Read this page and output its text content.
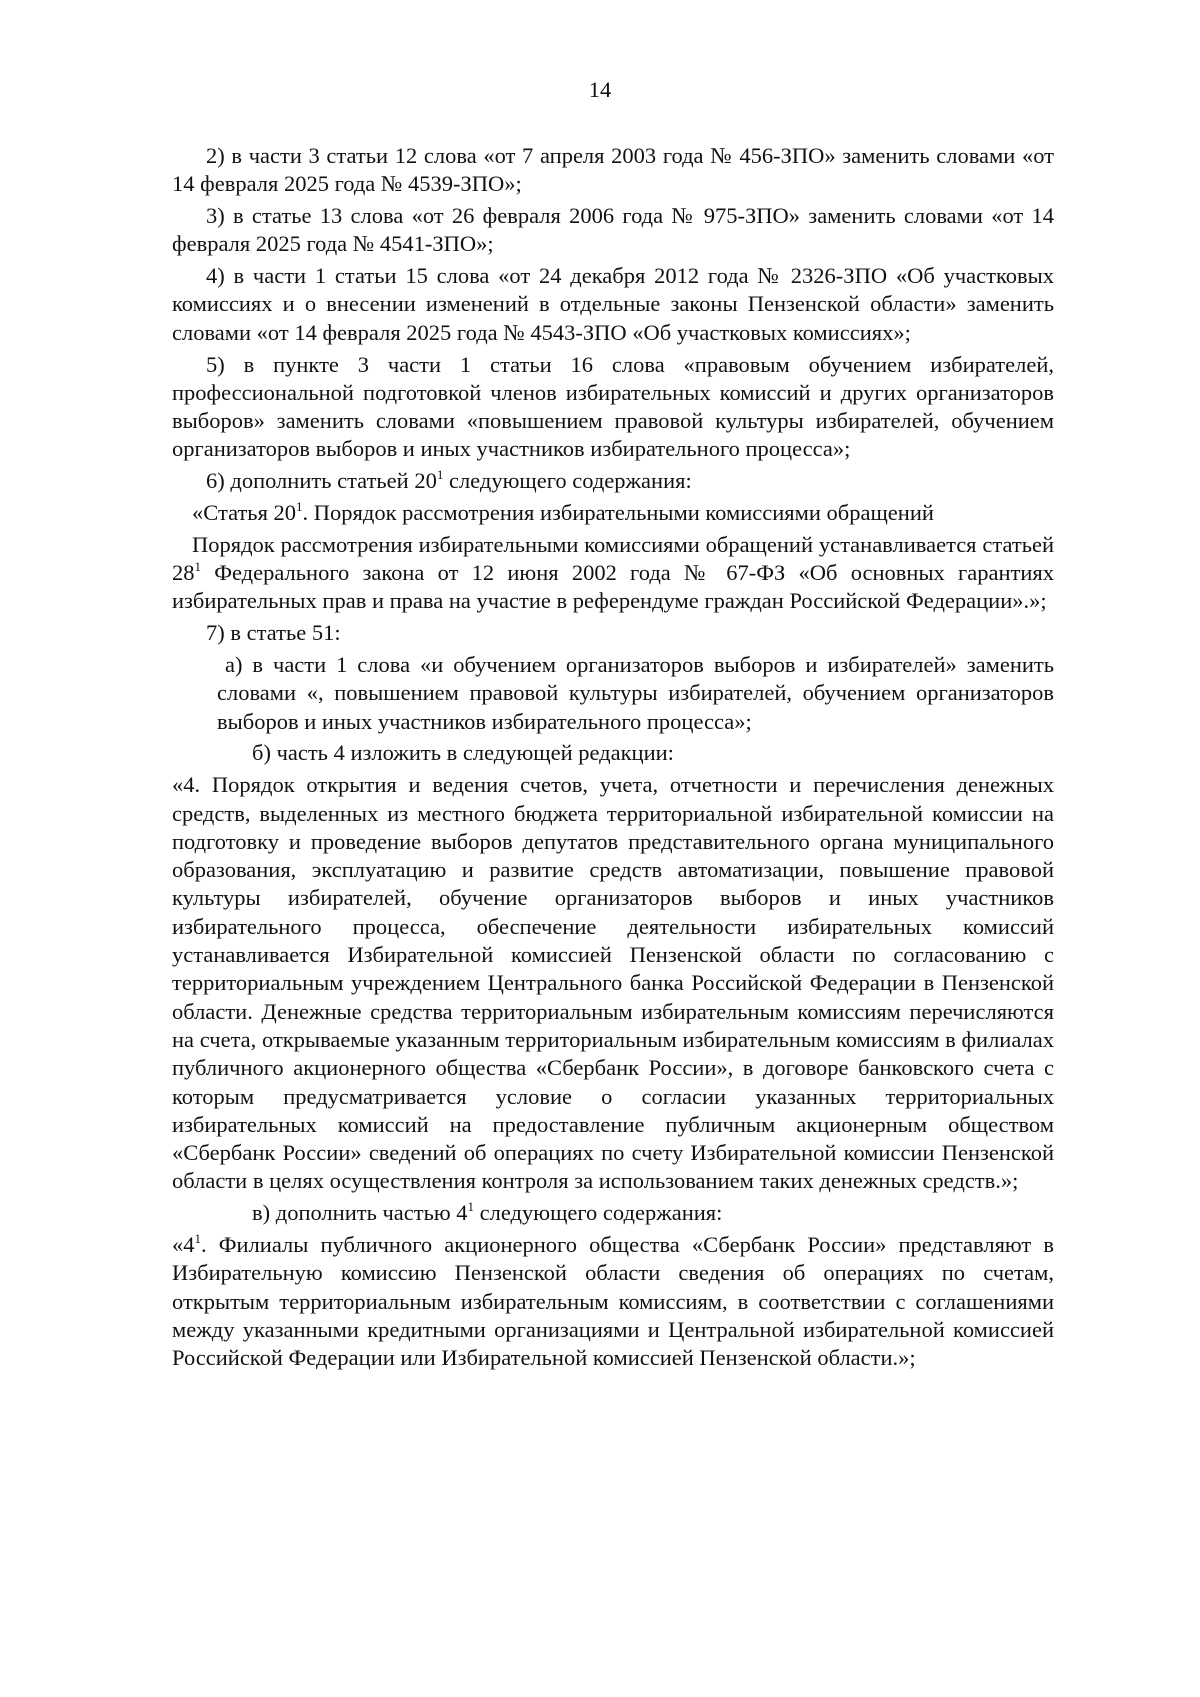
14

2) в части 3 статьи 12 слова «от 7 апреля 2003 года № 456-ЗПО» заменить словами «от 14 февраля 2025 года № 4539-ЗПО»;

3) в статье 13 слова «от 26 февраля 2006 года № 975-ЗПО» заменить словами «от 14 февраля 2025 года № 4541-ЗПО»;

4) в части 1 статьи 15 слова «от 24 декабря 2012 года № 2326-ЗПО «Об участковых комиссиях и о внесении изменений в отдельные законы Пензенской области» заменить словами «от 14 февраля 2025 года № 4543-ЗПО «Об участковых комиссиях»;

5) в пункте 3 части 1 статьи 16 слова «правовым обучением избирателей, профессиональной подготовкой членов избирательных комиссий и других организаторов выборов» заменить словами «повышением правовой культуры избирателей, обучением организаторов выборов и иных участников избирательного процесса»;

6) дополнить статьей $20^1$ следующего содержания:

«Статья $20^1$. Порядок рассмотрения избирательными комиссиями обращений

Порядок рассмотрения избирательными комиссиями обращений устанавливается статьей $28^1$ Федерального закона от 12 июня 2002 года № 67-ФЗ «Об основных гарантиях избирательных прав и права на участие в референдуме граждан Российской Федерации».»;

7) в статье 51:

а) в части 1 слова «и обучением организаторов выборов и избирателей» заменить словами «, повышением правовой культуры избирателей, обучением организаторов выборов и иных участников избирательного процесса»;

б) часть 4 изложить в следующей редакции:

«4. Порядок открытия и ведения счетов, учета, отчетности и перечисления денежных средств, выделенных из местного бюджета территориальной избирательной комиссии на подготовку и проведение выборов депутатов представительного органа муниципального образования, эксплуатацию и развитие средств автоматизации, повышение правовой культуры избирателей, обучение организаторов выборов и иных участников избирательного процесса, обеспечение деятельности избирательных комиссий устанавливается Избирательной комиссией Пензенской области по согласованию с территориальным учреждением Центрального банка Российской Федерации в Пензенской области. Денежные средства территориальным избирательным комиссиям перечисляются на счета, открываемые указанным территориальным избирательным комиссиям в филиалах публичного акционерного общества «Сбербанк России», в договоре банковского счета с которым предусматривается условие о согласии указанных территориальных избирательных комиссий на предоставление публичным акционерным обществом «Сбербанк России» сведений об операциях по счету Избирательной комиссии Пензенской области в целях осуществления контроля за использованием таких денежных средств.»;

в) дополнить частью $4^1$ следующего содержания:

«$4^1$. Филиалы публичного акционерного общества «Сбербанк России» представляют в Избирательную комиссию Пензенской области сведения об операциях по счетам, открытым территориальным избирательным комиссиям, в соответствии с соглашениями между указанными кредитными организациями и Центральной избирательной комиссией Российской Федерации или Избирательной комиссией Пензенской области.»;
